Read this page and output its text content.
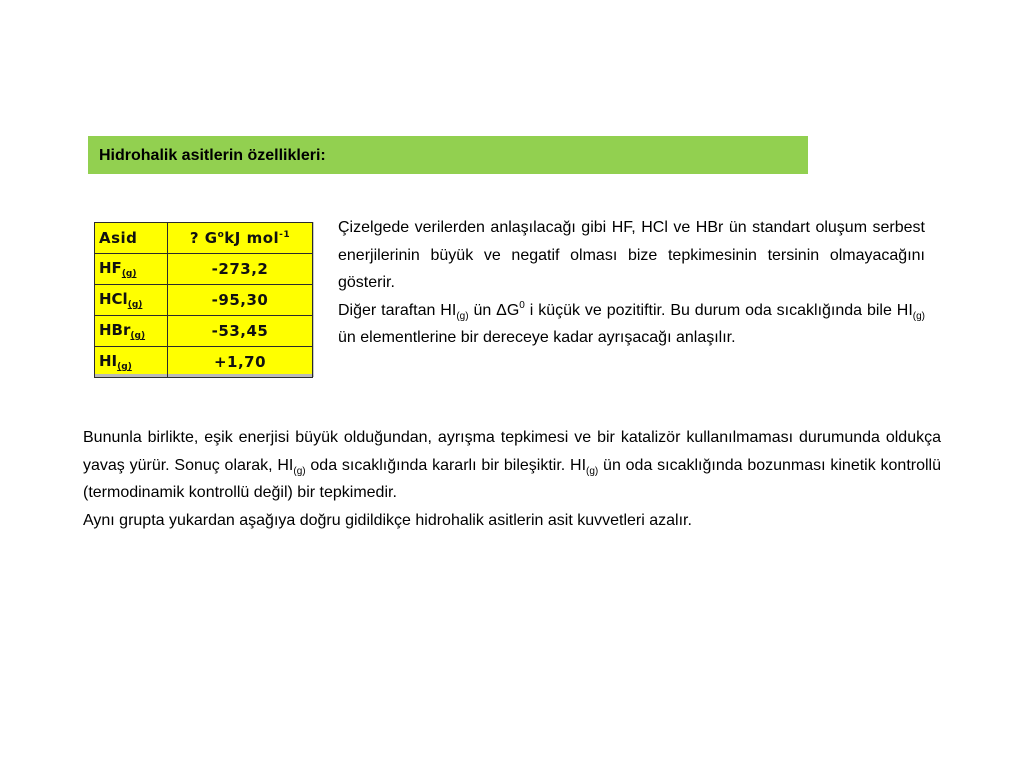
Hidrohalik asitlerin özellikleri:
Asid	? $G^okJ$ mol$^{-1}$
$HF_{(g)}$	-273,2
HCl$_{(g)}$	-95,30
HBr$_{(g)}$	-53,45
$HI_{(g)}$	+1,70

Çizelgede verilerden anlaşılacağı gibi HF, HCl ve HBr ün standart oluşum serbest enerjilerinin büyük ve negatif olması bize tepkimesinin tersinin olmayacağını gösterir.

Diğer taraftan $HI_{(g)}$ ün $\Delta G^0$ i küçük ve pozitiftir. Bu durum oda sıcaklığında bile $HI_{(g)}$ ün elementlerine bir dereceye kadar ayrışacağı anlaşılır.

Bununla birlikte, eşik enerjisi büyük olduğundan, ayrışma tepkimesi ve bir katalizör kullanılmaması durumunda oldukça yavaş yürür. Sonuç olarak, $HI_{(g)}$ oda sıcaklığında kararlı bir bileşiktir. $HI_{(g)}$ ün oda sıcaklığında bozunması kinetik kontrollü (termodinamik kontrollü değil) bir tepkimedir.

Aynı grupta yukardan aşağıya doğru gidildikçe hidrohalik asitlerin asit kuvvetleri azalır.
